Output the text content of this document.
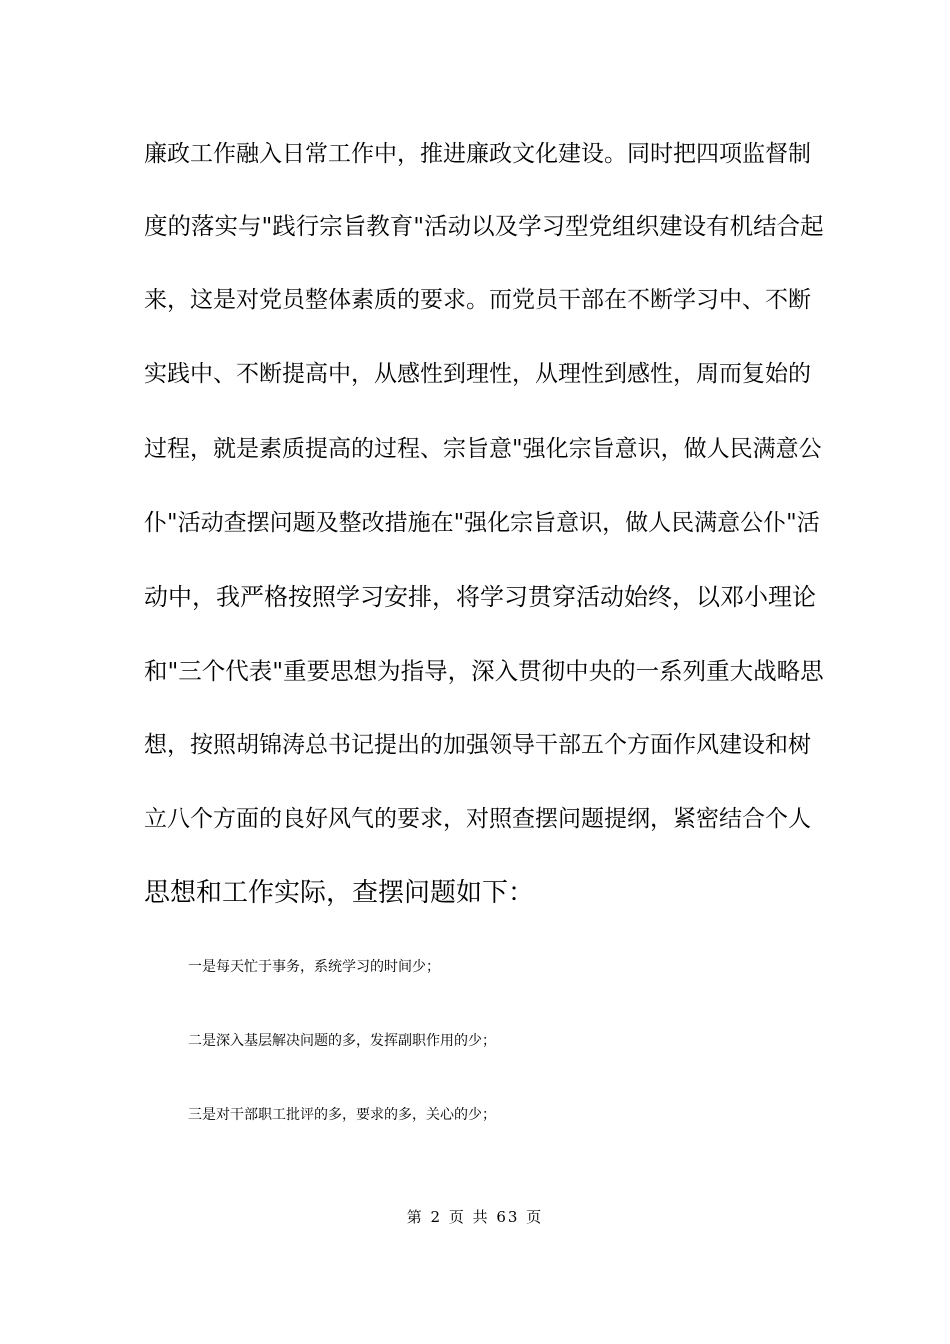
廉政工作融入日常工作中，推进廉政文化建设。同时把四项监督制
度的落实与"践行宗旨教育"活动以及学习型党组织建设有机结合起
来，这是对党员整体素质的要求。而党员干部在不断学习中、不断
实践中、不断提高中，从感性到理性，从理性到感性，周而复始的
过程，就是素质提高的过程、宗旨意"强化宗旨意识，做人民满意公
仆"活动查摆问题及整改措施在"强化宗旨意识，做人民满意公仆"活
动中，我严格按照学习安排，将学习贯穿活动始终，以邓小理论
和"三个代表"重要思想为指导，深入贯彻中央的一系列重大战略思
想，按照胡锦涛总书记提出的加强领导干部五个方面作风建设和树
立八个方面的良好风气的要求，对照查摆问题提纲，紧密结合个人
思想和工作实际，查摆问题如下：
一是每天忙于事务，系统学习的时间少；
二是深入基层解决问题的多，发挥副职作用的少；
三是对干部职工批评的多，要求的多，关心的少；
第 2 页 共 63 页
